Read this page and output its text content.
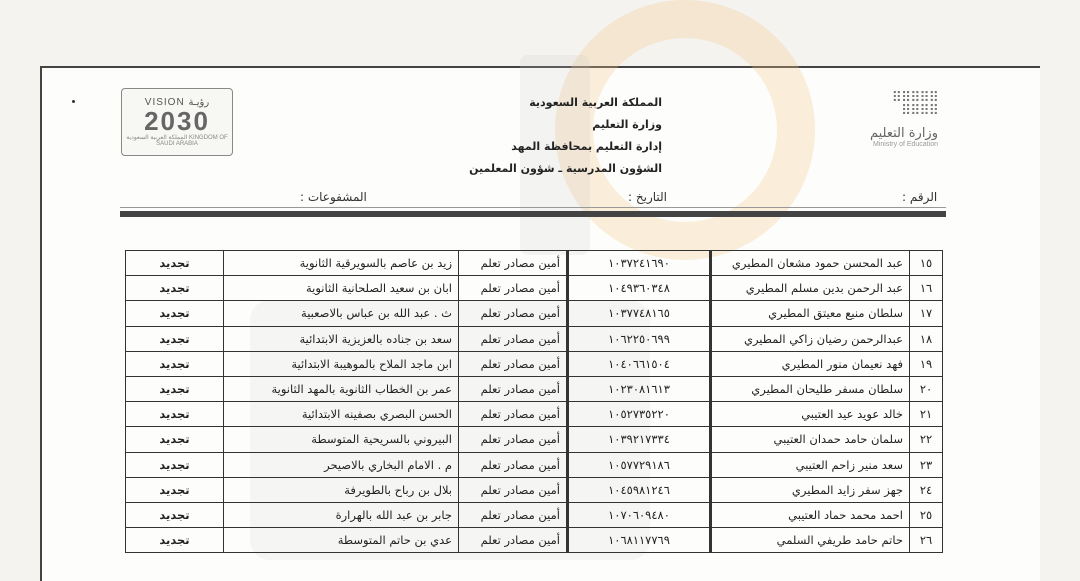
VISION رؤيـة
2030
المملكة العربية السعودية KINGDOM OF SAUDI ARABIA
⠿⠿⠿⠿⠿
⠿⠿⠿⠿
وزارة التعليم
Ministry of Education
المملكة العربية السعودية
وزارة التعليم
إدارة التعليم بمحافظة المهد
الشؤون المدرسية ـ شؤون المعلمين
الرقم :
التاريخ :
المشفوعات :
١٥	عبد المحسن حمود مشعان المطيري	١٠٣٧٢٤١٦٩٠	أمين مصادر تعلم	زيد بن عاصم بالسويرقية الثانوية	تجديد
١٦	عبد الرحمن بدين مسلم المطيري	١٠٤٩٣٦٠٣٤٨	أمين مصادر تعلم	ابان بن سعيد الصلحانية الثانوية	تجديد
١٧	سلطان منيع معيتق المطيري	١٠٣٧٧٤٨١٦٥	أمين مصادر تعلم	ث . عبد الله بن عباس بالاصعبية	تجديد
١٨	عبدالرحمن رضيان زاكي المطيري	١٠٦٢٢٥٠٦٩٩	أمين مصادر تعلم	سعد بن جناده بالعزيزية الابتدائية	تجديد
١٩	فهد نعيمان منور المطيري	١٠٤٠٦٦١٥٠٤	أمين مصادر تعلم	ابن ماجد الملاح بالموهيبة الابتدائية	تجديد
٢٠	سلطان مسفر طليحان المطيري	١٠٢٣٠٨١٦١٣	أمين مصادر تعلم	عمر بن الخطاب الثانوية بالمهد الثانوية	تجديد
٢١	خالد عويد عيد العتيبي	١٠٥٢٧٣٥٢٢٠	أمين مصادر تعلم	الحسن البصري بصفينه الابتدائية	تجديد
٢٢	سلمان حامد حمدان العتيبي	١٠٣٩٢١٧٣٣٤	أمين مصادر تعلم	البيروني بالسريحية المتوسطة	تجديد
٢٣	سعد منير زاحم العتيبي	١٠٥٧٧٢٩١٨٦	أمين مصادر تعلم	م . الامام البخاري بالاصيحر	تجديد
٢٤	جهز سفر زايد المطيري	١٠٤٥٩٨١٢٤٦	أمين مصادر تعلم	بلال بن رباح بالطويرفة	تجديد
٢٥	احمد محمد حماد العتيبي	١٠٧٠٦٠٩٤٨٠	أمين مصادر تعلم	جابر بن عبد الله بالهرارة	تجديد
٢٦	حاتم حامد طريفي السلمي	١٠٦٨١١٧٧٦٩	أمين مصادر تعلم	عدي بن حاتم المتوسطة	تجديد
